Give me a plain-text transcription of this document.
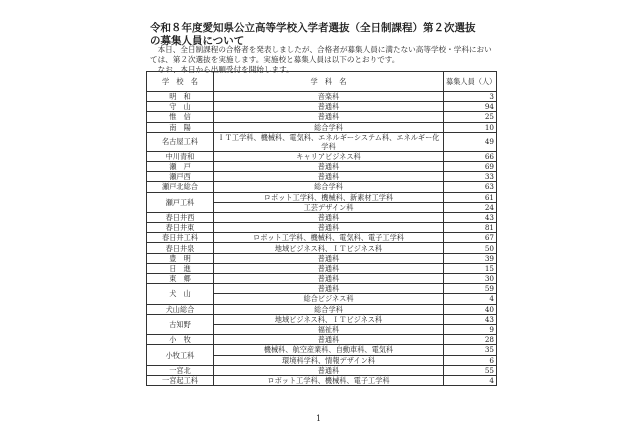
令和８年度愛知県公立高等学校入学者選抜（全日制課程）第２次選抜
の募集人員について

本日、全日制課程の合格者を発表しましたが、合格者が募集人員に満たない高等学校・学科においては、第２次選抜を実施します。実施校と募集人員は以下のとおりです。

なお、本日から出願受付を開始します。

学　校　名	学　科　名	募集人員（人）
明　和	音楽科	3
守　山	普通科	94
惟　信	普通科	25
南　陽	総合学科	10
名古屋工科	ＩＴ工学科、機械科、電気科、エネルギーシステム科、エネルギー化学科	49
中川青和	キャリアビジネス科	66
瀬　戸	普通科	69
瀬戸西	普通科	33
瀬戸北総合	総合学科	63
瀬戸工科	ロボット工学科、機械科、新素材工学科	61
	工芸デザイン科	24
春日井西	普通科	43
春日井東	普通科	81
春日井工科	ロボット工学科、機械科、電気科、電子工学科	67
春日井泉	地域ビジネス科、ＩＴビジネス科	50
豊　明	普通科	39
日　進	普通科	15
東　郷	普通科	30
犬　山	普通科	59
	総合ビジネス科	4
犬山総合	総合学科	40
古知野	地域ビジネス科、ＩＴビジネス科	43
	福祉科	9
小　牧	普通科	28
小牧工科	機械科、航空産業科、自動車科、電気科	35
	環境科学科、情報デザイン科	6
一宮北	普通科	55
一宮起工科	ロボット工学科、機械科、電子工学科	4
1
